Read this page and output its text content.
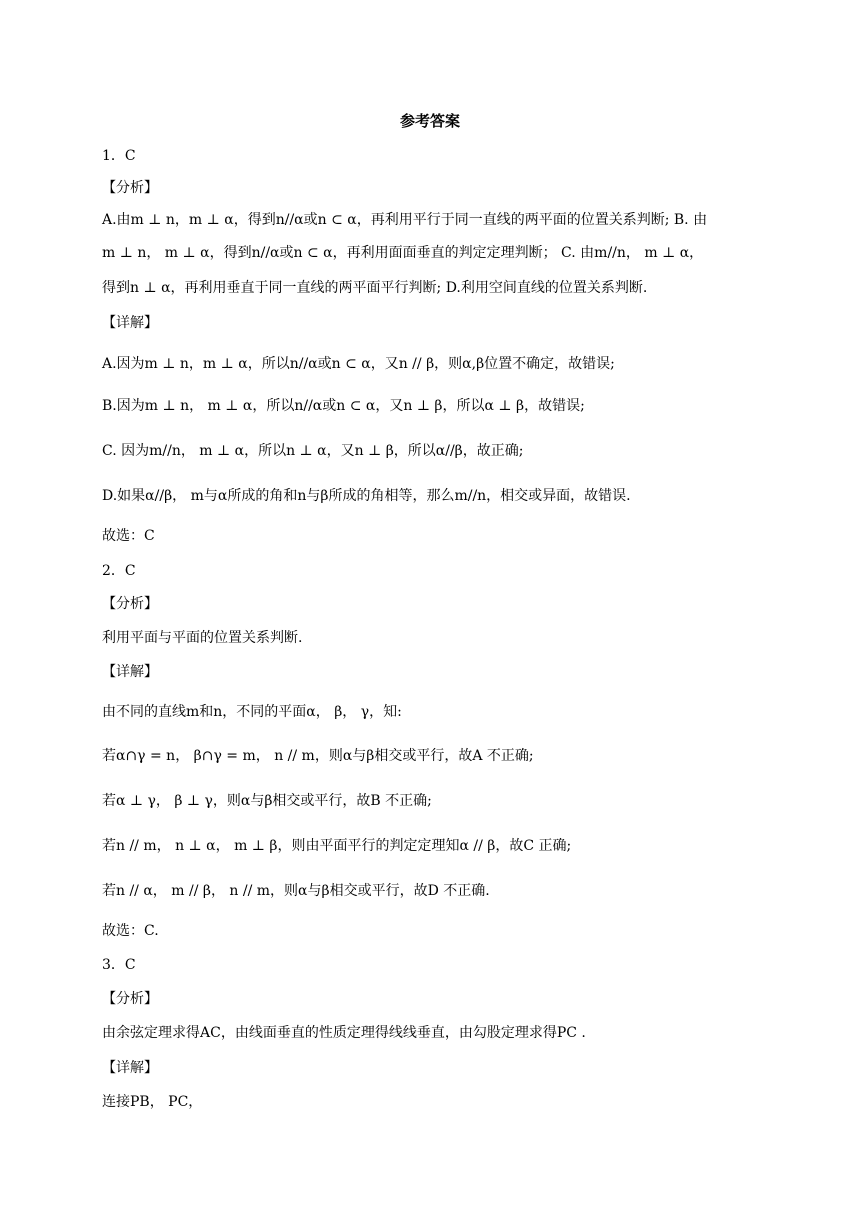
参考答案
1．C
【分析】
A.由m ⊥ n，m ⊥ α，得到n//α或n ⊂ α，再利用平行于同一直线的两平面的位置关系判断; B. 由
m ⊥ n， m ⊥ α，得到n//α或n ⊂ α，再利用面面垂直的判定定理判断； C. 由m//n， m ⊥ α，
得到n ⊥ α，再利用垂直于同一直线的两平面平行判断; D.利用空间直线的位置关系判断.
【详解】
A.因为m ⊥ n，m ⊥ α，所以n//α或n ⊂ α，又n // β，则α,β位置不确定，故错误;
B.因为m ⊥ n， m ⊥ α，所以n//α或n ⊂ α，又n ⊥ β，所以α ⊥ β，故错误;
C. 因为m//n， m ⊥ α，所以n ⊥ α，又n ⊥ β，所以α//β，故正确;
D.如果α//β， m与α所成的角和n与β所成的角相等，那么m//n，相交或异面，故错误.
故选：C
2．C
【分析】
利用平面与平面的位置关系判断.
【详解】
由不同的直线m和n，不同的平面α， β， γ，知:
若α∩γ = n， β∩γ = m， n // m，则α与β相交或平行，故A 不正确;
若α ⊥ γ， β ⊥ γ，则α与β相交或平行，故B 不正确;
若n // m， n ⊥ α， m ⊥ β，则由平面平行的判定定理知α // β，故C 正确;
若n // α， m // β， n // m，则α与β相交或平行，故D 不正确.
故选：C.
3．C
【分析】
由余弦定理求得AC，由线面垂直的性质定理得线线垂直，由勾股定理求得PC .
【详解】
连接PB， PC，
